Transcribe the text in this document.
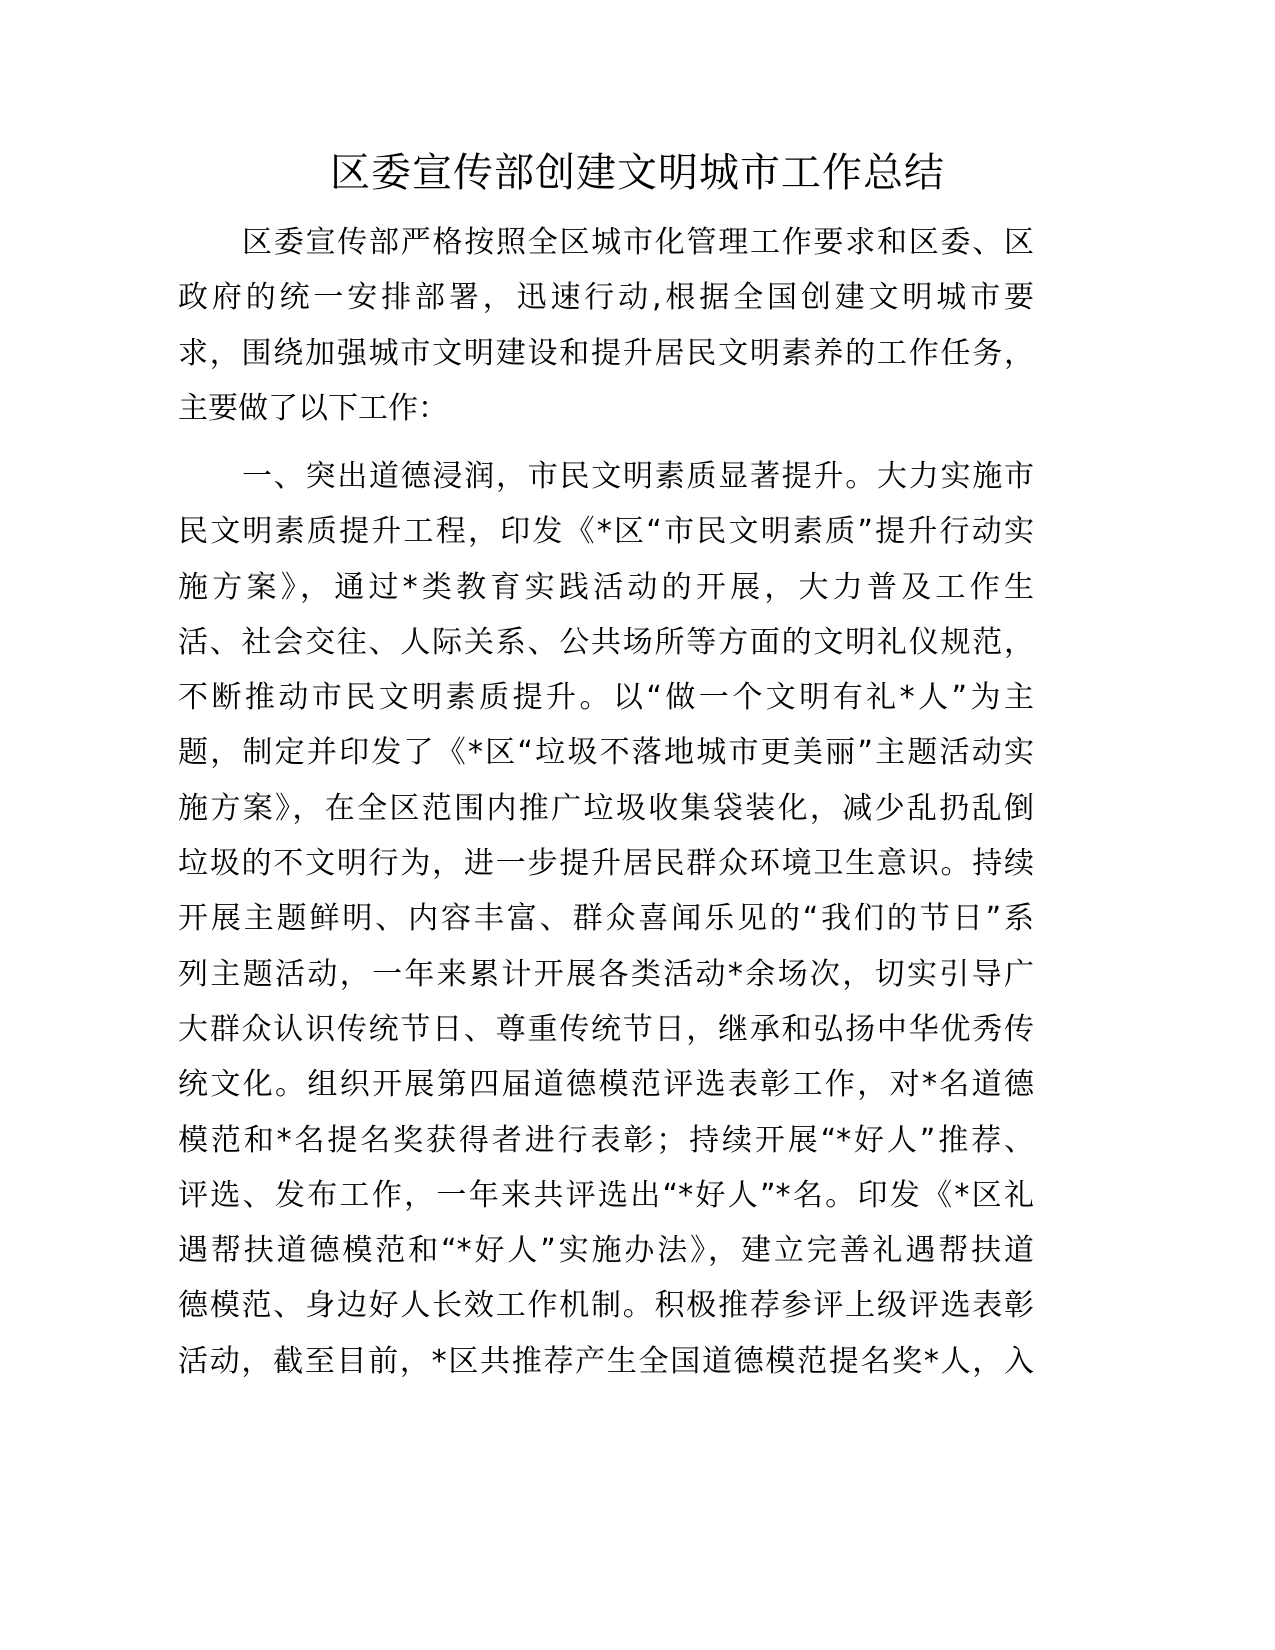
区委宣传部创建文明城市工作总结
区委宣传部严格按照全区城市化管理工作要求和区委、区
政府的统一安排部署，迅速行动,根据全国创建文明城市要
求，围绕加强城市文明建设和提升居民文明素养的工作任务，
主要做了以下工作：
一、突出道德浸润，市民文明素质显著提升。大力实施市
民文明素质提升工程，印发《*区“市民文明素质”提升行动实
施方案》，通过*类教育实践活动的开展，大力普及工作生
活、社会交往、人际关系、公共场所等方面的文明礼仪规范，
不断推动市民文明素质提升。以“做一个文明有礼*人”为主
题，制定并印发了《*区“垃圾不落地城市更美丽”主题活动实
施方案》，在全区范围内推广垃圾收集袋装化，减少乱扔乱倒
垃圾的不文明行为，进一步提升居民群众环境卫生意识。持续
开展主题鲜明、内容丰富、群众喜闻乐见的“我们的节日”系
列主题活动，一年来累计开展各类活动*余场次，切实引导广
大群众认识传统节日、尊重传统节日，继承和弘扬中华优秀传
统文化。组织开展第四届道德模范评选表彰工作，对*名道德
模范和*名提名奖获得者进行表彰；持续开展“*好人”推荐、
评选、发布工作，一年来共评选出“*好人”*名。印发《*区礼
遇帮扶道德模范和“*好人”实施办法》，建立完善礼遇帮扶道
德模范、身边好人长效工作机制。积极推荐参评上级评选表彰
活动，截至目前，*区共推荐产生全国道德模范提名奖*人，入
